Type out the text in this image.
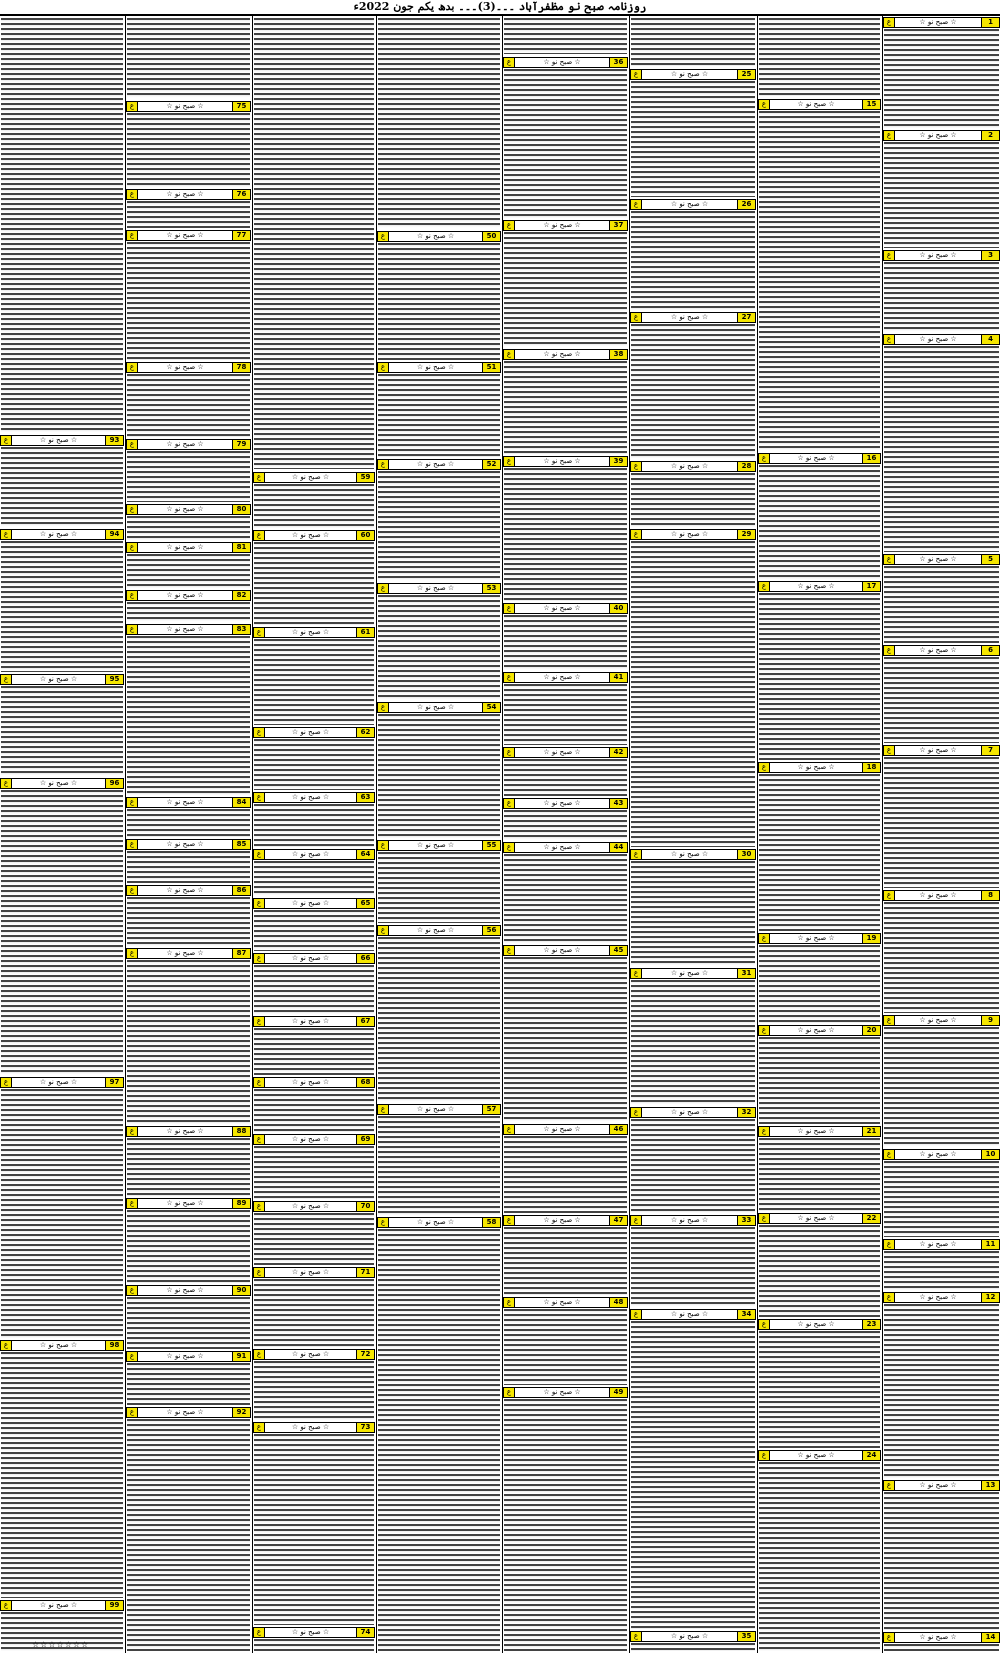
روزنامہ صبح نو مظفرآباد ۔۔۔(3)۔۔۔ بدھ یکم جون 2022ء
1
☆ صبح نو ☆
ع
2
☆ صبح نو ☆
ع
3
☆ صبح نو ☆
ع
4
☆ صبح نو ☆
ع
5
☆ صبح نو ☆
ع
6
☆ صبح نو ☆
ع
7
☆ صبح نو ☆
ع
8
☆ صبح نو ☆
ع
9
☆ صبح نو ☆
ع
10
☆ صبح نو ☆
ع
11
☆ صبح نو ☆
ع
12
☆ صبح نو ☆
ع
13
☆ صبح نو ☆
ع
14
☆ صبح نو ☆
ع
15
☆ صبح نو ☆
ع
16
☆ صبح نو ☆
ع
17
☆ صبح نو ☆
ع
18
☆ صبح نو ☆
ع
19
☆ صبح نو ☆
ع
20
☆ صبح نو ☆
ع
21
☆ صبح نو ☆
ع
22
☆ صبح نو ☆
ع
23
☆ صبح نو ☆
ع
24
☆ صبح نو ☆
ع
25
☆ صبح نو ☆
ع
26
☆ صبح نو ☆
ع
27
☆ صبح نو ☆
ع
28
☆ صبح نو ☆
ع
29
☆ صبح نو ☆
ع
30
☆ صبح نو ☆
ع
31
☆ صبح نو ☆
ع
32
☆ صبح نو ☆
ع
33
☆ صبح نو ☆
ع
34
☆ صبح نو ☆
ع
35
☆ صبح نو ☆
ع
36
☆ صبح نو ☆
ع
37
☆ صبح نو ☆
ع
38
☆ صبح نو ☆
ع
39
☆ صبح نو ☆
ع
40
☆ صبح نو ☆
ع
41
☆ صبح نو ☆
ع
42
☆ صبح نو ☆
ع
43
☆ صبح نو ☆
ع
44
☆ صبح نو ☆
ع
45
☆ صبح نو ☆
ع
46
☆ صبح نو ☆
ع
47
☆ صبح نو ☆
ع
48
☆ صبح نو ☆
ع
49
☆ صبح نو ☆
ع
50
☆ صبح نو ☆
ع
51
☆ صبح نو ☆
ع
52
☆ صبح نو ☆
ع
53
☆ صبح نو ☆
ع
54
☆ صبح نو ☆
ع
55
☆ صبح نو ☆
ع
56
☆ صبح نو ☆
ع
57
☆ صبح نو ☆
ع
58
☆ صبح نو ☆
ع
59
☆ صبح نو ☆
ع
60
☆ صبح نو ☆
ع
61
☆ صبح نو ☆
ع
62
☆ صبح نو ☆
ع
63
☆ صبح نو ☆
ع
64
☆ صبح نو ☆
ع
65
☆ صبح نو ☆
ع
66
☆ صبح نو ☆
ع
67
☆ صبح نو ☆
ع
68
☆ صبح نو ☆
ع
69
☆ صبح نو ☆
ع
70
☆ صبح نو ☆
ع
71
☆ صبح نو ☆
ع
72
☆ صبح نو ☆
ع
73
☆ صبح نو ☆
ع
74
☆ صبح نو ☆
ع
75
☆ صبح نو ☆
ع
76
☆ صبح نو ☆
ع
77
☆ صبح نو ☆
ع
78
☆ صبح نو ☆
ع
79
☆ صبح نو ☆
ع
80
☆ صبح نو ☆
ع
81
☆ صبح نو ☆
ع
82
☆ صبح نو ☆
ع
83
☆ صبح نو ☆
ع
84
☆ صبح نو ☆
ع
85
☆ صبح نو ☆
ع
86
☆ صبح نو ☆
ع
87
☆ صبح نو ☆
ع
88
☆ صبح نو ☆
ع
89
☆ صبح نو ☆
ع
90
☆ صبح نو ☆
ع
91
☆ صبح نو ☆
ع
92
☆ صبح نو ☆
ع
93
☆ صبح نو ☆
ع
94
☆ صبح نو ☆
ع
95
☆ صبح نو ☆
ع
96
☆ صبح نو ☆
ع
97
☆ صبح نو ☆
ع
98
☆ صبح نو ☆
ع
99
☆ صبح نو ☆
ع
☆☆☆☆☆☆☆
